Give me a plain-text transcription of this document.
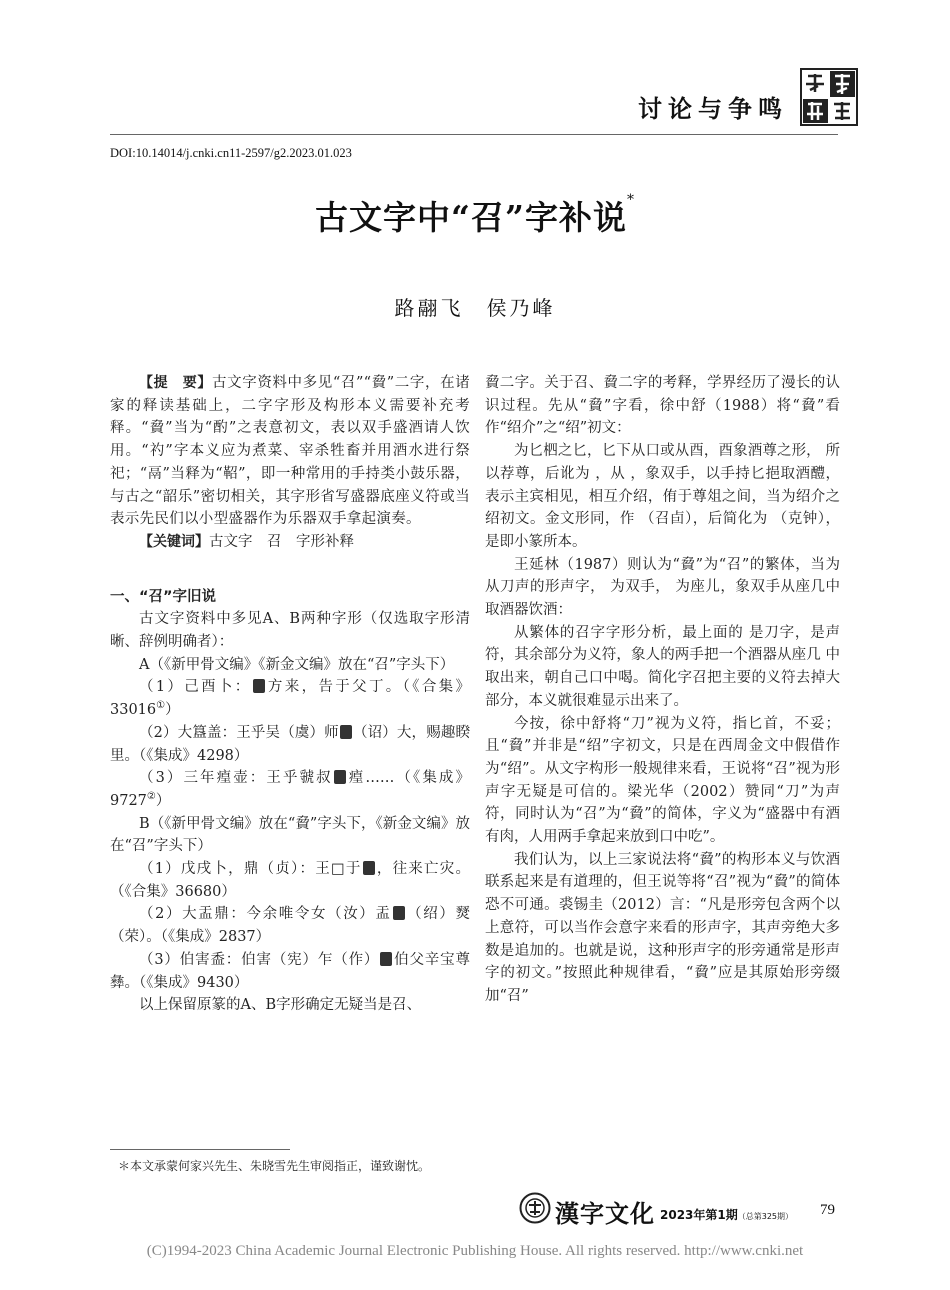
讨论与争鸣
DOI:10.14014/j.cnki.cn11-2597/g2.2023.01.023
古文字中“召”字补说*
路翮飞　侯乃峰

【提　要】古文字资料中多见“召”“䝱”二字，在诸家的释读基础上，二字字形及构形本义需要补充考释。“䝱”当为“酌”之表意初文，表以双手盛酒请人饮用。“礿”字本义应为煮菜、宰杀牲畜并用酒水进行祭祀；“鬲”当释为“鞀”，即一种常用的手持类小鼓乐器，与古之“韶乐”密切相关，其字形省写盛器底座义符或当表示先民们以小型盛器作为乐器双手拿起演奏。

【关键词】古文字　召　字形补释

一、“召”字旧说

古文字资料中多见A、B两种字形（仅选取字形清晰、辞例明确者）：

A（《新甲骨文编》《新金文编》放在“召”字头下）

（1）己酉卜： 方来，告于父丁。（《合集》33016①）

（2）大簋盖：王乎吴（虞）师 （诏）大，赐趣睽里。（《集成》4298）

（3）三年㾮壶：王乎虢叔 㾮……（《集成》9727②）

B（《新甲骨文编》放在“䝱”字头下，《新金文编》放在“召”字头下）

（1）戊戌卜，鼎（贞）：王□于 ，往来亡灾。（《合集》36680）

（2）大盂鼎：今余唯令女（汝）盂 （绍）燹（荣）。（《集成》2837）

（3）伯害盉：伯害（宪）乍（作） 伯父辛宝尊彝。（《集成》9430）

以上保留原篆的A、B字形确定无疑当是召、

䝱二字。关于召、䝱二字的考释，学界经历了漫长的认识过程。先从“䝱”字看，徐中舒（1988）将“䝱”看作“绍介”之“绍”初文：

为匕柶之匕，匕下从口或从酉，酉象酒尊之形， 所以荐尊，后讹为 ，从 ，象双手，以手持匕挹取酒醴，表示主宾相见，相互介绍，侑于尊俎之间，当为绍介之绍初文。金文形同，作 （召卣），后简化为 （克钟），是即小篆所本。

王延林（1987）则认为“䝱”为“召”的繁体，当为从刀声的形声字， 为双手， 为座儿，象双手从座几中取酒器饮酒：

从繁体的召字字形分析，最上面的 是刀字，是声符，其余部分为义符，象人的两手把一个酒器从座几 中取出来，朝自己口中喝。简化字召把主要的义符去掉大部分，本义就很难显示出来了。

今按，徐中舒将“刀”视为义符，指匕首，不妥；且“䝱”并非是“绍”字初文，只是在西周金文中假借作为“绍”。从文字构形一般规律来看，王说将“召”视为形声字无疑是可信的。梁光华（2002）赞同“刀”为声符，同时认为“召”为“䝱”的简体，字义为“盛器中有酒有肉，人用两手拿起来放到口中吃”。

我们认为，以上三家说法将“䝱”的构形本义与饮酒联系起来是有道理的，但王说等将“召”视为“䝱”的简体恐不可通。裘锡圭（2012）言：“凡是形旁包含两个以上意符，可以当作会意字来看的形声字，其声旁绝大多数是追加的。也就是说，这种形声字的形旁通常是形声字的初文。”按照此种规律看，“䝱”应是其原始形旁缀加“召”

＊本文承蒙何家兴先生、朱晓雪先生审阅指正，谨致谢忱。
漢字文化 2023年第1期（总第325期） 79
(C)1994-2023 China Academic Journal Electronic Publishing House. All rights reserved. http://www.cnki.net
